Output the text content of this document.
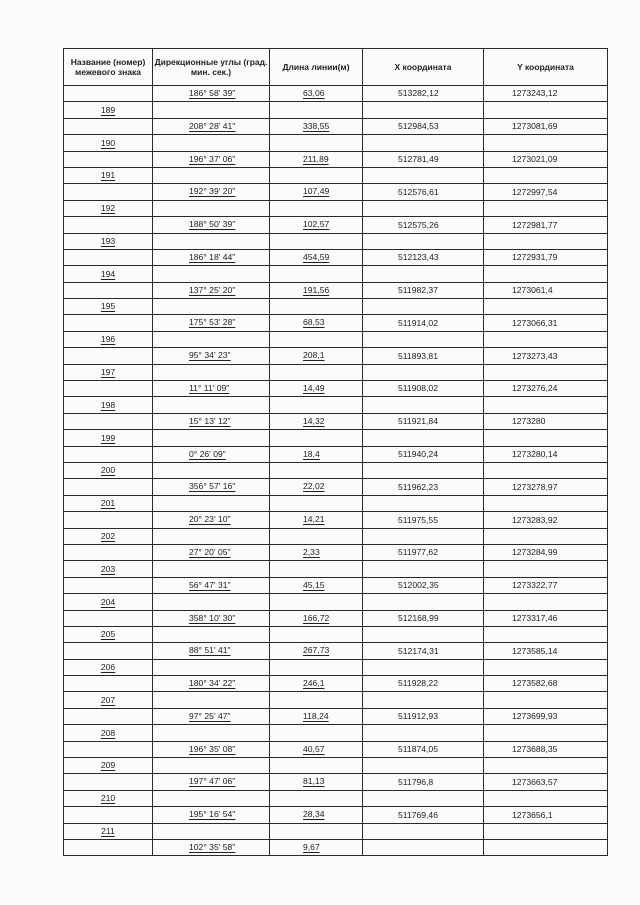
Название (номер) межевого знака	Дирекционные углы (град. мин. сек.)	Длина линии(м)	Х координата	Y координата
	186° 58' 39"	63,06	513282,12	1273243,12
189				
	208° 28' 41"	338,55	512984,53	1273081,69
190				
	196° 37' 06"	211,89	512781,49	1273021,09
191				
	192° 39' 20"	107,49	512576,61	1272997,54
192				
	188° 50' 39"	102,57	512575,26	1272981,77
193				
	186° 18' 44"	454,59	512123,43	1272931,79
194				
	137° 25' 20"	191,56	511982,37	1273061,4
195				
	175° 53' 28"	68,53	511914,02	1273066,31
196				
	95° 34' 23"	208,1	511893,81	1273273,43
197				
	11° 11' 09"	14,49	511908,02	1273276,24
198				
	15° 13' 12"	14,32	511921,84	1273280
199				
	0° 26' 09"	18,4	511940,24	1273280,14
200				
	356° 57' 16"	22,02	511962,23	1273278,97
201				
	20° 23' 10"	14,21	511975,55	1273283,92
202				
	27° 20' 05"	2,33	511977,62	1273284,99
203				
	56° 47' 31"	45,15	512002,35	1273322,77
204				
	358° 10' 30"	166,72	512168,99	1273317,46
205				
	88° 51' 41"	267,73	512174,31	1273585,14
206				
	180° 34' 22"	246,1	511928,22	1273582,68
207				
	97° 25' 47"	118,24	511912,93	1273699,93
208				
	196° 35' 08"	40,57	511874,05	1273688,35
209				
	197° 47' 06"	81,13	511796,8	1273663,57
210				
	195° 16' 54"	28,34	511769,46	1273656,1
211				
	102° 35' 58"	9,67		
